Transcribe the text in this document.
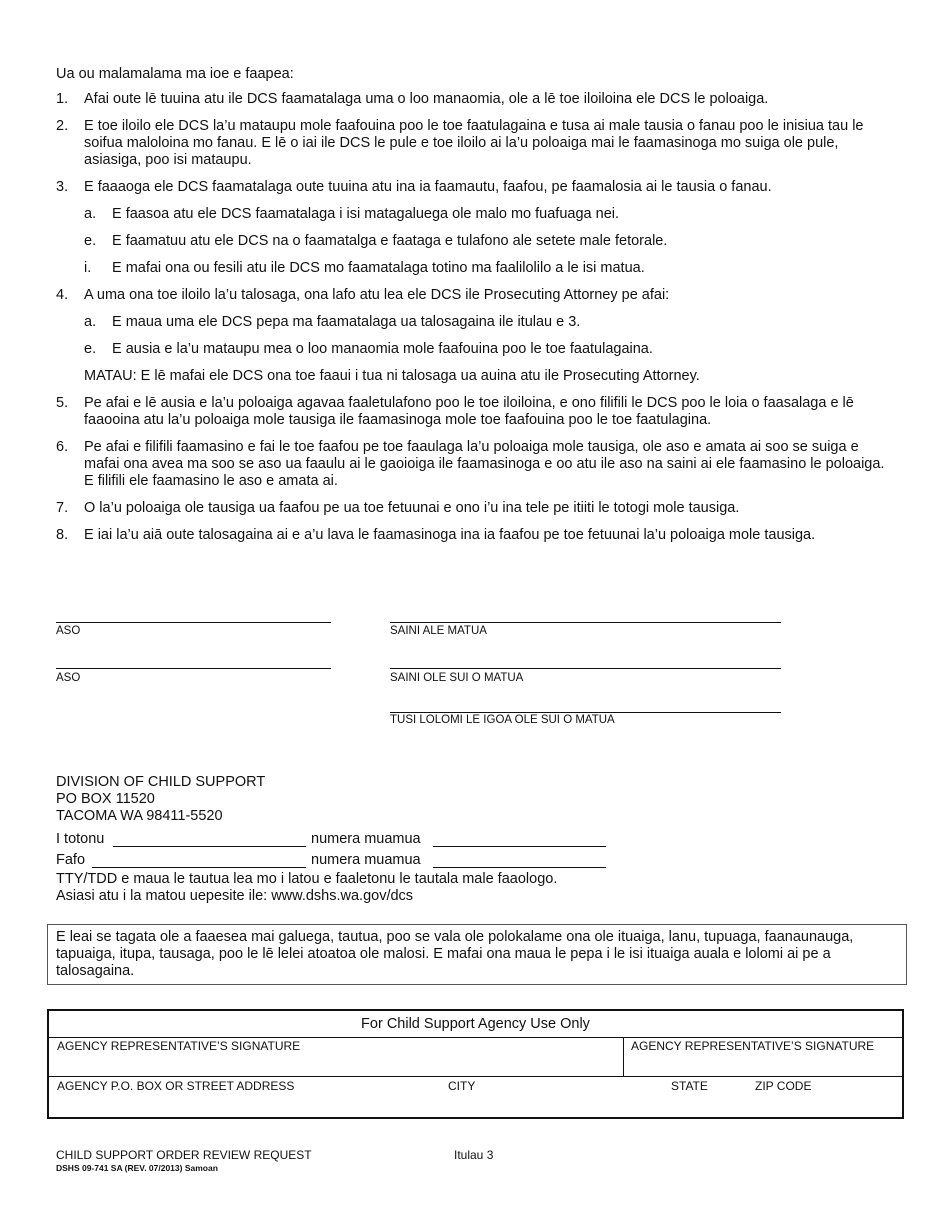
Ua ou malamalama ma ioe e faapea:
1. Afai oute lē tuuina atu ile DCS faamatalaga uma o loo manaomia, ole a lē toe iloiloina ele DCS le poloaiga.
2. E toe iloilo ele DCS la’u mataupu mole faafouina poo le toe faatulagaina e tusa ai male tausia o fanau poo le inisiua tau le soifua maloloina mo fanau. E lē o iai ile DCS le pule e toe iloilo ai la’u poloaiga mai le faamasinoga mo suiga ole pule, asiasiga, poo isi mataupu.
3. E faaaoga ele DCS faamatalaga oute tuuina atu ina ia faamautu, faafou, pe faamalosia ai le tausia o fanau.
a. E faasoa atu ele DCS faamatalaga i isi matagaluega ole malo mo fuafuaga nei.
e. E faamatuu atu ele DCS na o faamatalga e faataga e tulafono ale setete male fetorale.
i. E mafai ona ou fesili atu ile DCS mo faamatalaga totino ma faalilolilo a le isi matua.
4. A uma ona toe iloilo la’u talosaga, ona lafo atu lea ele DCS ile Prosecuting Attorney pe afai:
a. E maua uma ele DCS pepa ma faamatalaga ua talosagaina ile itulau e 3.
e. E ausia e la’u mataupu mea o loo manaomia mole faafouina poo le toe faatulagaina.
MATAU: E lē mafai ele DCS ona toe faaui i tua ni talosaga ua auina atu ile Prosecuting Attorney.
5. Pe afai e lē ausia e la’u poloaiga agavaa faaletulafono poo le toe iloiloina, e ono filifili le DCS poo le loia o faasalaga e lē faaooina atu la’u poloaiga mole tausiga ile faamasinoga mole toe faafouina poo le toe faatulagina.
6. Pe afai e filifili faamasino e fai le toe faafou pe toe faaulaga la’u poloaiga mole tausiga, ole aso e amata ai soo se suiga e mafai ona avea ma soo se aso ua faaulu ai le gaoioiga ile faamasinoga e oo atu ile aso na saini ai ele faamasino le poloaiga. E filifili ele faamasino le aso e amata ai.
7. O la’u poloaiga ole tausiga ua faafou pe ua toe fetuunai e ono i’u ina tele pe itiiti le totogi mole tausiga.
8. E iai la’u aiā oute talosagaina ai e a’u lava le faamasinoga ina ia faafou pe toe fetuunai la’u poloaiga mole tausiga.
ASO	SAINI ALE MATUA
ASO	SAINI OLE SUI O MATUA
TUSI LOLOMI LE IGOA OLE SUI O MATUA
DIVISION OF CHILD SUPPORT
PO BOX 11520
TACOMA WA 98411-5520
I totonu	numera muamua
Fafo	numera muamua
TTY/TDD e maua le tautua lea mo i latou e faaletonu le tautala male faaologo.
Asiasi atu i la matou uepesite ile: www.dshs.wa.gov/dcs
E leai se tagata ole a faaesea mai galuega, tautua, poo se vala ole polokalame ona ole ituaiga, lanu, tupuaga, faanaunauga, tapuaiga, itupa, tausaga, poo le lē lelei atoatoa ole malosi. E mafai ona maua le pepa i le isi ituaiga auala e lolomi ai pe a talosagaina.
For Child Support Agency Use Only
AGENCY REPRESENTATIVE’S SIGNATURE	AGENCY REPRESENTATIVE’S SIGNATURE
AGENCY P.O. BOX OR STREET ADDRESS	CITY	STATE	ZIP CODE
CHILD SUPPORT ORDER REVIEW REQUEST
DSHS 09-741 SA (REV. 07/2013) Samoan
Itulau 3
